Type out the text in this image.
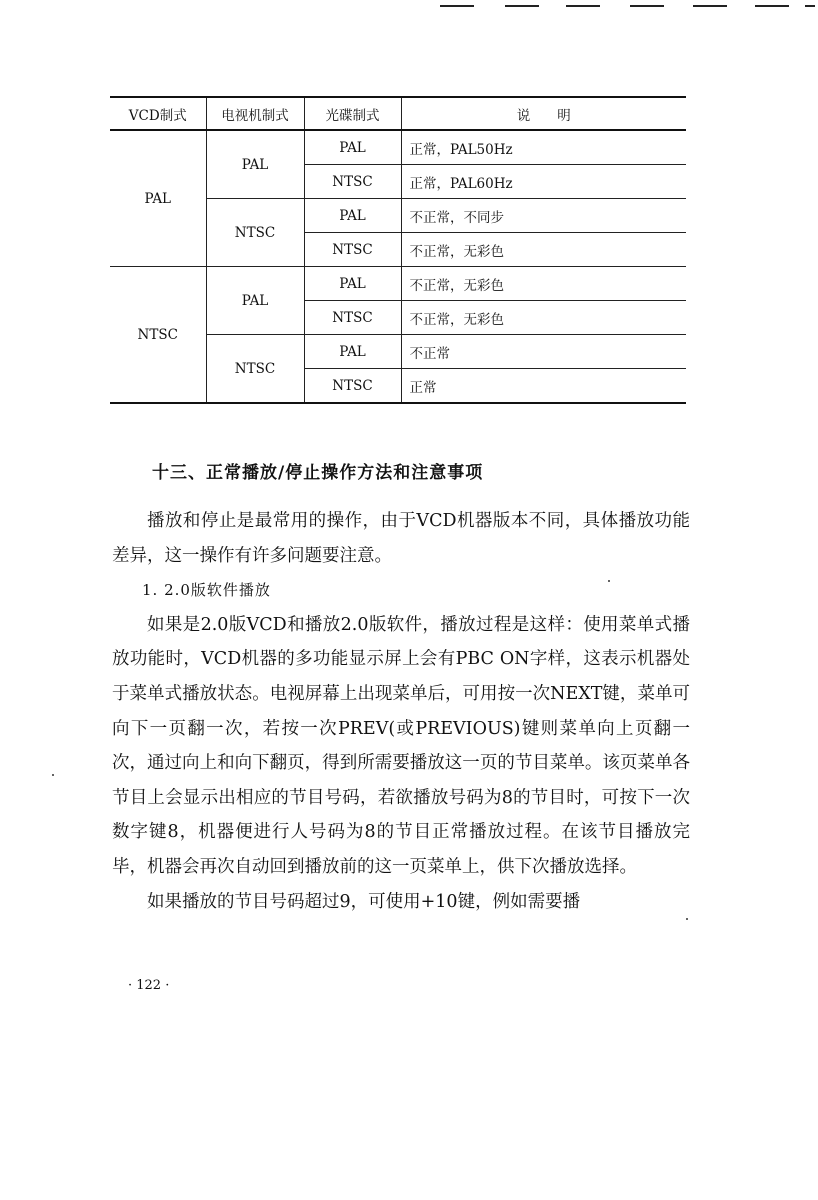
VCD制式	电视机制式	光碟制式	说　　明
PAL	PAL	PAL	正常，PAL50Hz
		NTSC	正常，PAL60Hz
	NTSC	PAL	不正常，不同步
		NTSC	不正常，无彩色
NTSC	PAL	PAL	不正常，无彩色
		NTSC	不正常，无彩色
	NTSC	PAL	不正常
		NTSC	正常
十三、正常播放/停止操作方法和注意事项

播放和停止是最常用的操作，由于VCD机器版本不同，具体播放功能差异，这一操作有许多问题要注意。

1. 2.0版软件播放

如果是2.0版VCD和播放2.0版软件，播放过程是这样：使用菜单式播放功能时，VCD机器的多功能显示屏上会有PBC ON字样，这表示机器处于菜单式播放状态。电视屏幕上出现菜单后，可用按一次NEXT键，菜单可向下一页翻一次，若按一次PREV(或PREVIOUS)键则菜单向上页翻一次，通过向上和向下翻页，得到所需要播放这一页的节目菜单。该页菜单各节目上会显示出相应的节目号码，若欲播放号码为8的节目时，可按下一次数字键8，机器便进行人号码为8的节目正常播放过程。在该节目播放完毕，机器会再次自动回到播放前的这一页菜单上，供下次播放选择。

如果播放的节目号码超过9，可使用+10键，例如需要播

· 122 ·
